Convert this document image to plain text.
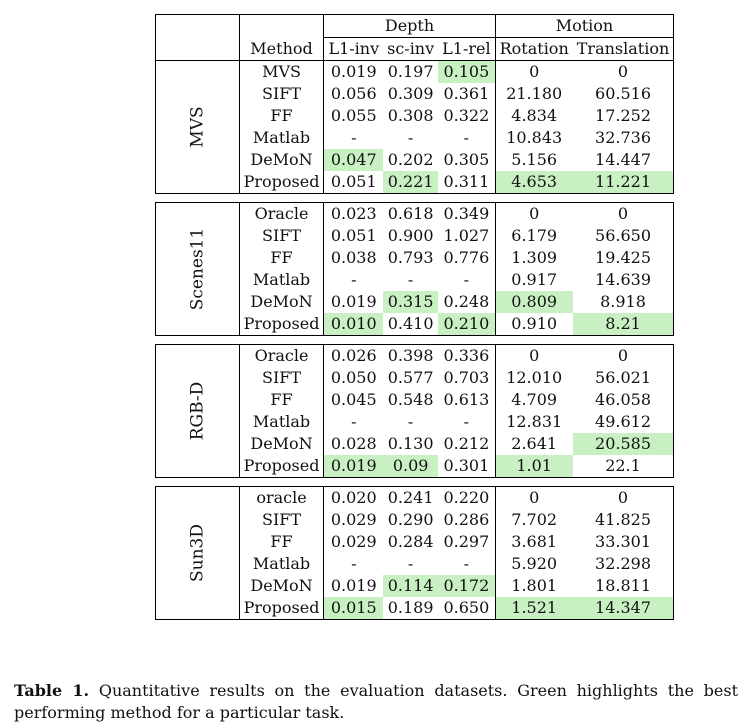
		Depth			Motion	
	Method	L1-inv	sc-inv	L1-rel	Rotation	Translation

MVS	MVS	0.019	0.197	0.105	0	0
	SIFT	0.056	0.309	0.361	21.180	60.516
	FF	0.055	0.308	0.322	4.834	17.252
	Matlab	-	-	-	10.843	32.736
	DeMoN	0.047	0.202	0.305	5.156	14.447
	Proposed	0.051	0.221	0.311	4.653	11.221

Scenes11	Oracle	0.023	0.618	0.349	0	0
	SIFT	0.051	0.900	1.027	6.179	56.650
	FF	0.038	0.793	0.776	1.309	19.425
	Matlab	-	-	-	0.917	14.639
	DeMoN	0.019	0.315	0.248	0.809	8.918
	Proposed	0.010	0.410	0.210	0.910	8.21

RGB-D	Oracle	0.026	0.398	0.336	0	0
	SIFT	0.050	0.577	0.703	12.010	56.021
	FF	0.045	0.548	0.613	4.709	46.058
	Matlab	-	-	-	12.831	49.612
	DeMoN	0.028	0.130	0.212	2.641	20.585
	Proposed	0.019	0.09	0.301	1.01	22.1

Sun3D	oracle	0.020	0.241	0.220	0	0
	SIFT	0.029	0.290	0.286	7.702	41.825
	FF	0.029	0.284	0.297	3.681	33.301
	Matlab	-	-	-	5.920	32.298
	DeMoN	0.019	0.114	0.172	1.801	18.811
	Proposed	0.015	0.189	0.650	1.521	14.347

Table 1. Quantitative results on the evaluation datasets. Green highlights the best performing method for a particular task.
